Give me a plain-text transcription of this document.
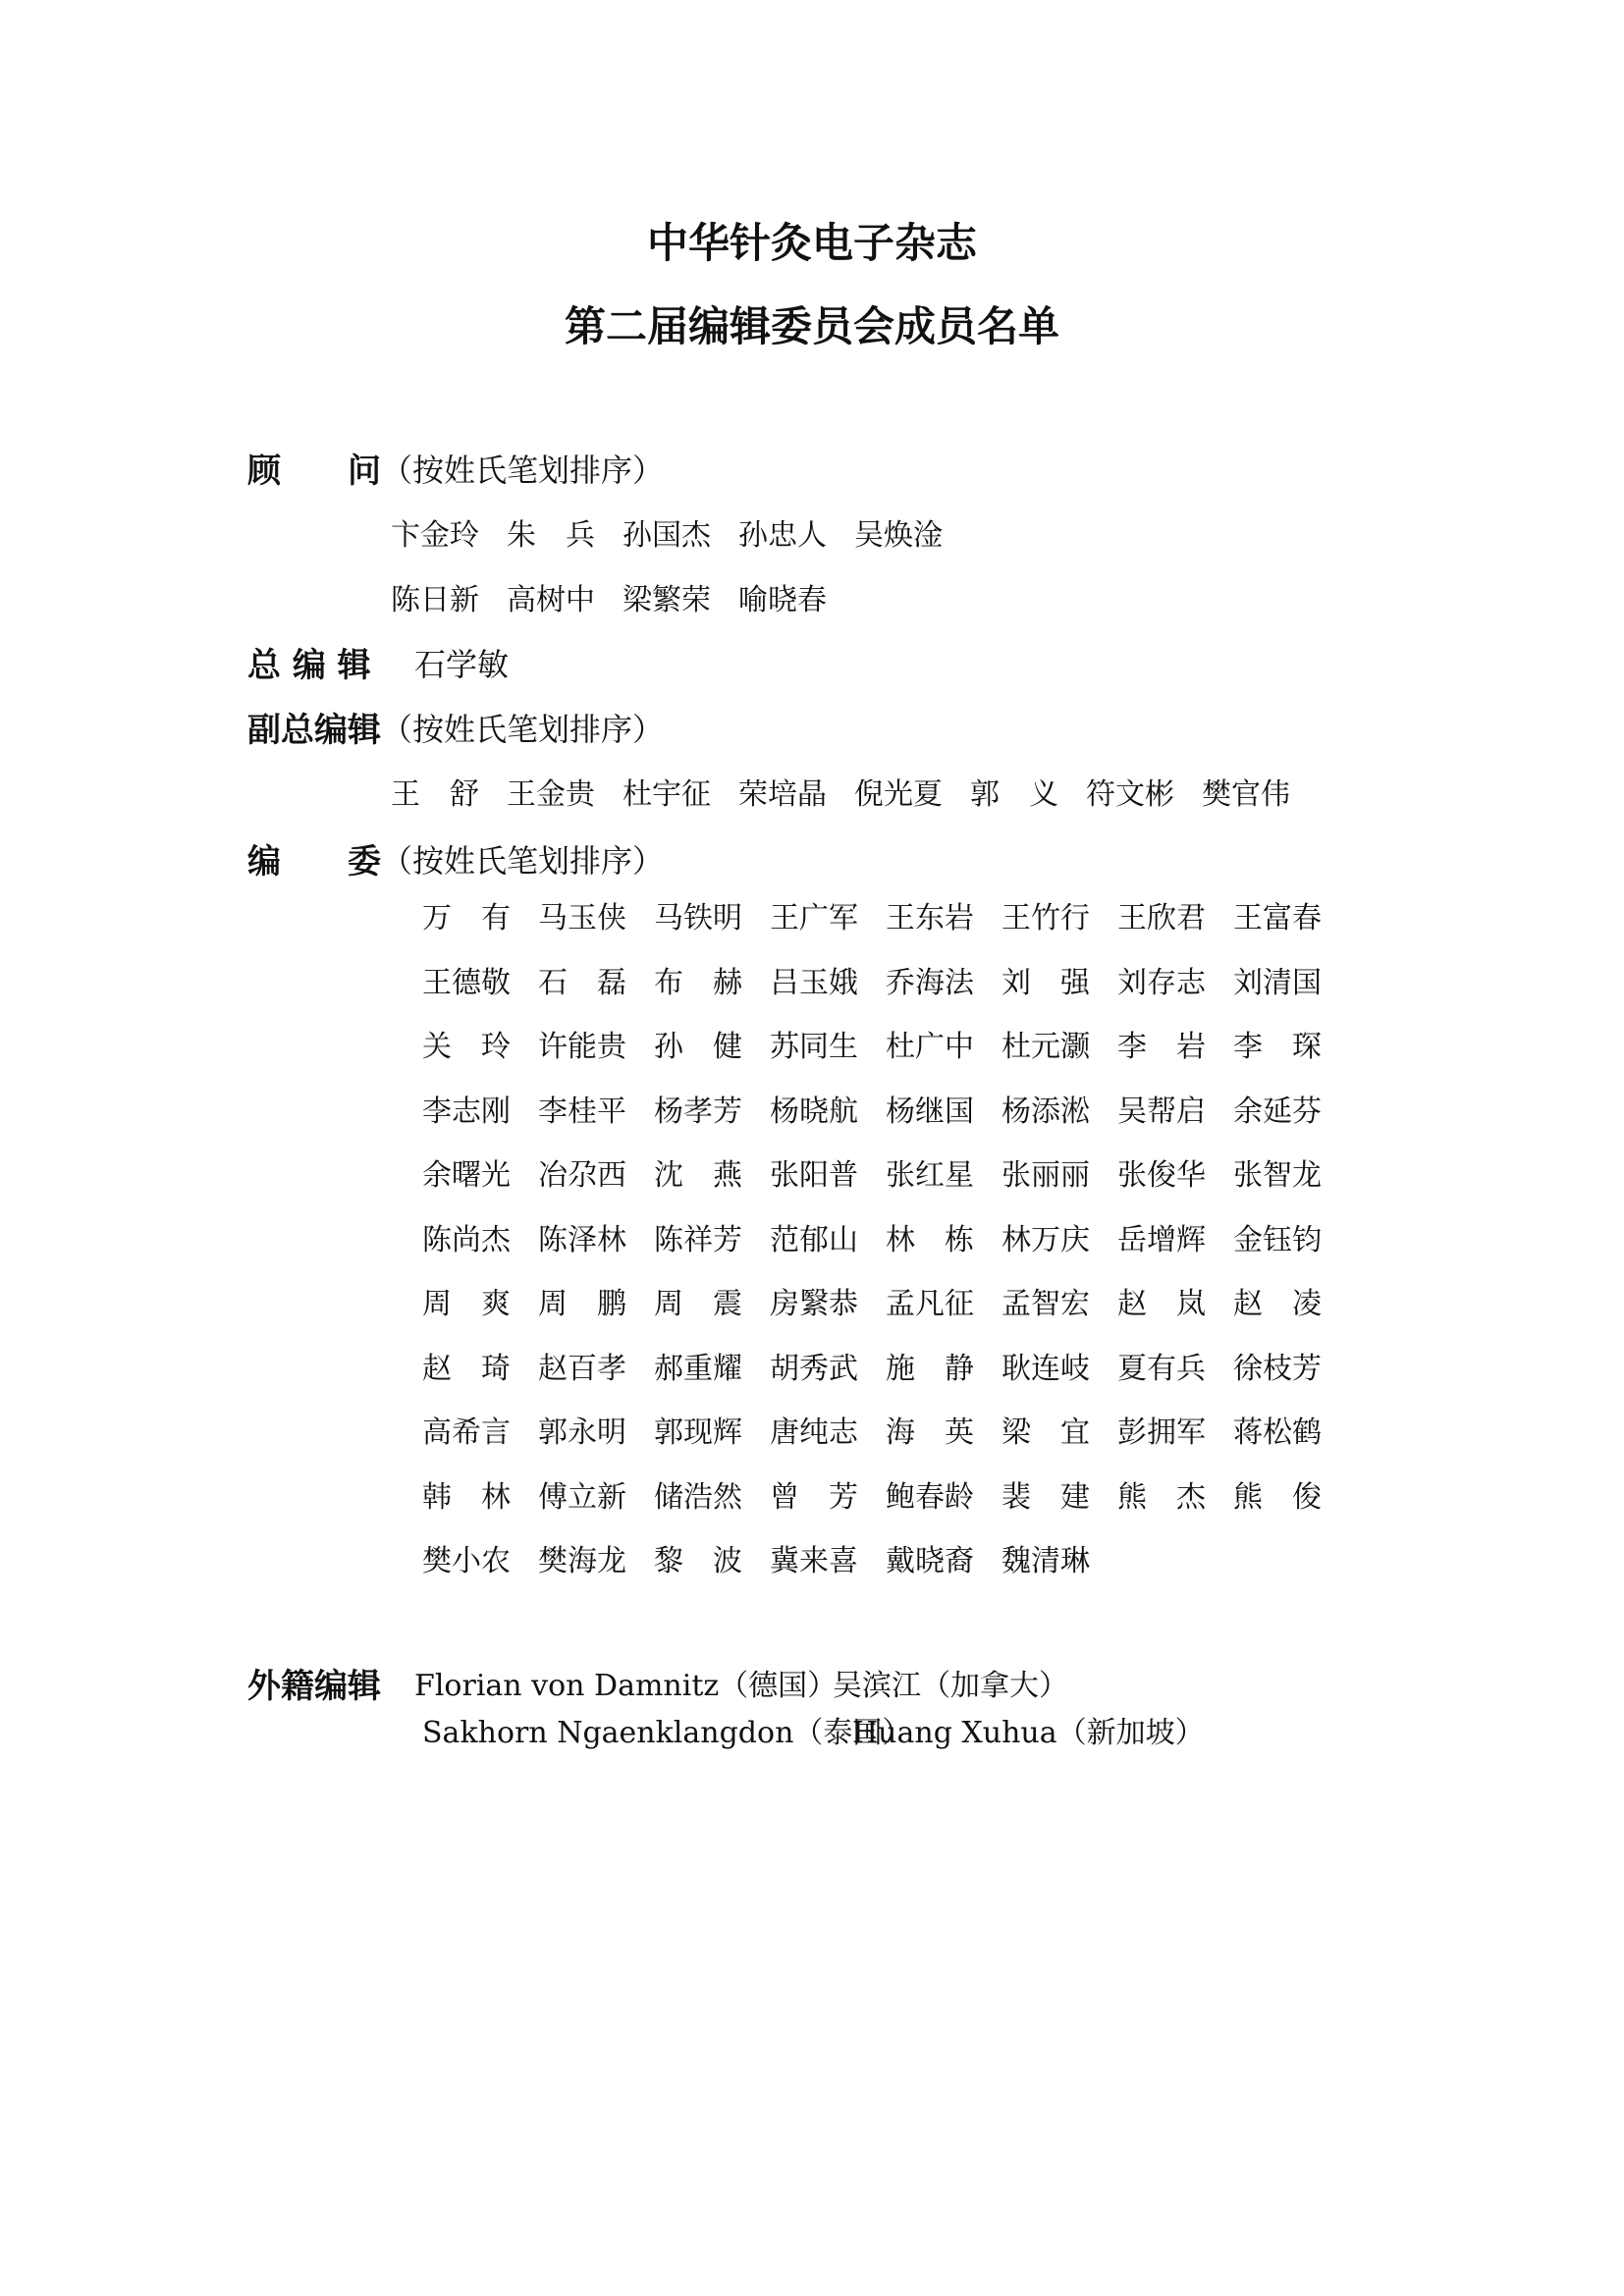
中华针灸电子杂志
第二届编辑委员会成员名单
顾　　问 （按姓氏笔划排序）
卞金玲 朱　兵 孙国杰 孙忠人 吴焕淦
陈日新 高树中 梁繁荣 喻晓春
总 编 辑 石学敏
副总编辑 （按姓氏笔划排序）
王　舒 王金贵 杜宇征 荣培晶 倪光夏 郭　义 符文彬 樊官伟
编　　委 （按姓氏笔划排序）
万　有 马玉侠 马铁明 王广军 王东岩 王竹行 王欣君 王富春
王德敬 石　磊 布　赫 吕玉娥 乔海法 刘　强 刘存志 刘清国
关　玲 许能贵 孙　健 苏同生 杜广中 杜元灏 李　岩 李　琛
李志刚 李桂平 杨孝芳 杨晓航 杨继国 杨添淞 吴帮启 余延芬
余曙光 冶尕西 沈　燕 张阳普 张红星 张丽丽 张俊华 张智龙
陈尚杰 陈泽林 陈祥芳 范郁山 林　栋 林万庆 岳增辉 金钰钧
周　爽 周　鹏 周　震 房繄恭 孟凡征 孟智宏 赵　岚 赵　凌
赵　琦 赵百孝 郝重耀 胡秀武 施　静 耿连岐 夏有兵 徐枝芳
高希言 郭永明 郭现辉 唐纯志 海　英 梁　宜 彭拥军 蒋松鹤
韩　林 傅立新 储浩然 曾　芳 鲍春龄 裴　建 熊　杰 熊　俊
樊小农 樊海龙 黎　波 冀来喜 戴晓裔 魏清琳
外籍编辑 Florian von Damnitz（德国）
吴滨江（加拿大）
Sakhorn Ngaenklangdon（泰国）
Huang Xuhua（新加坡）
